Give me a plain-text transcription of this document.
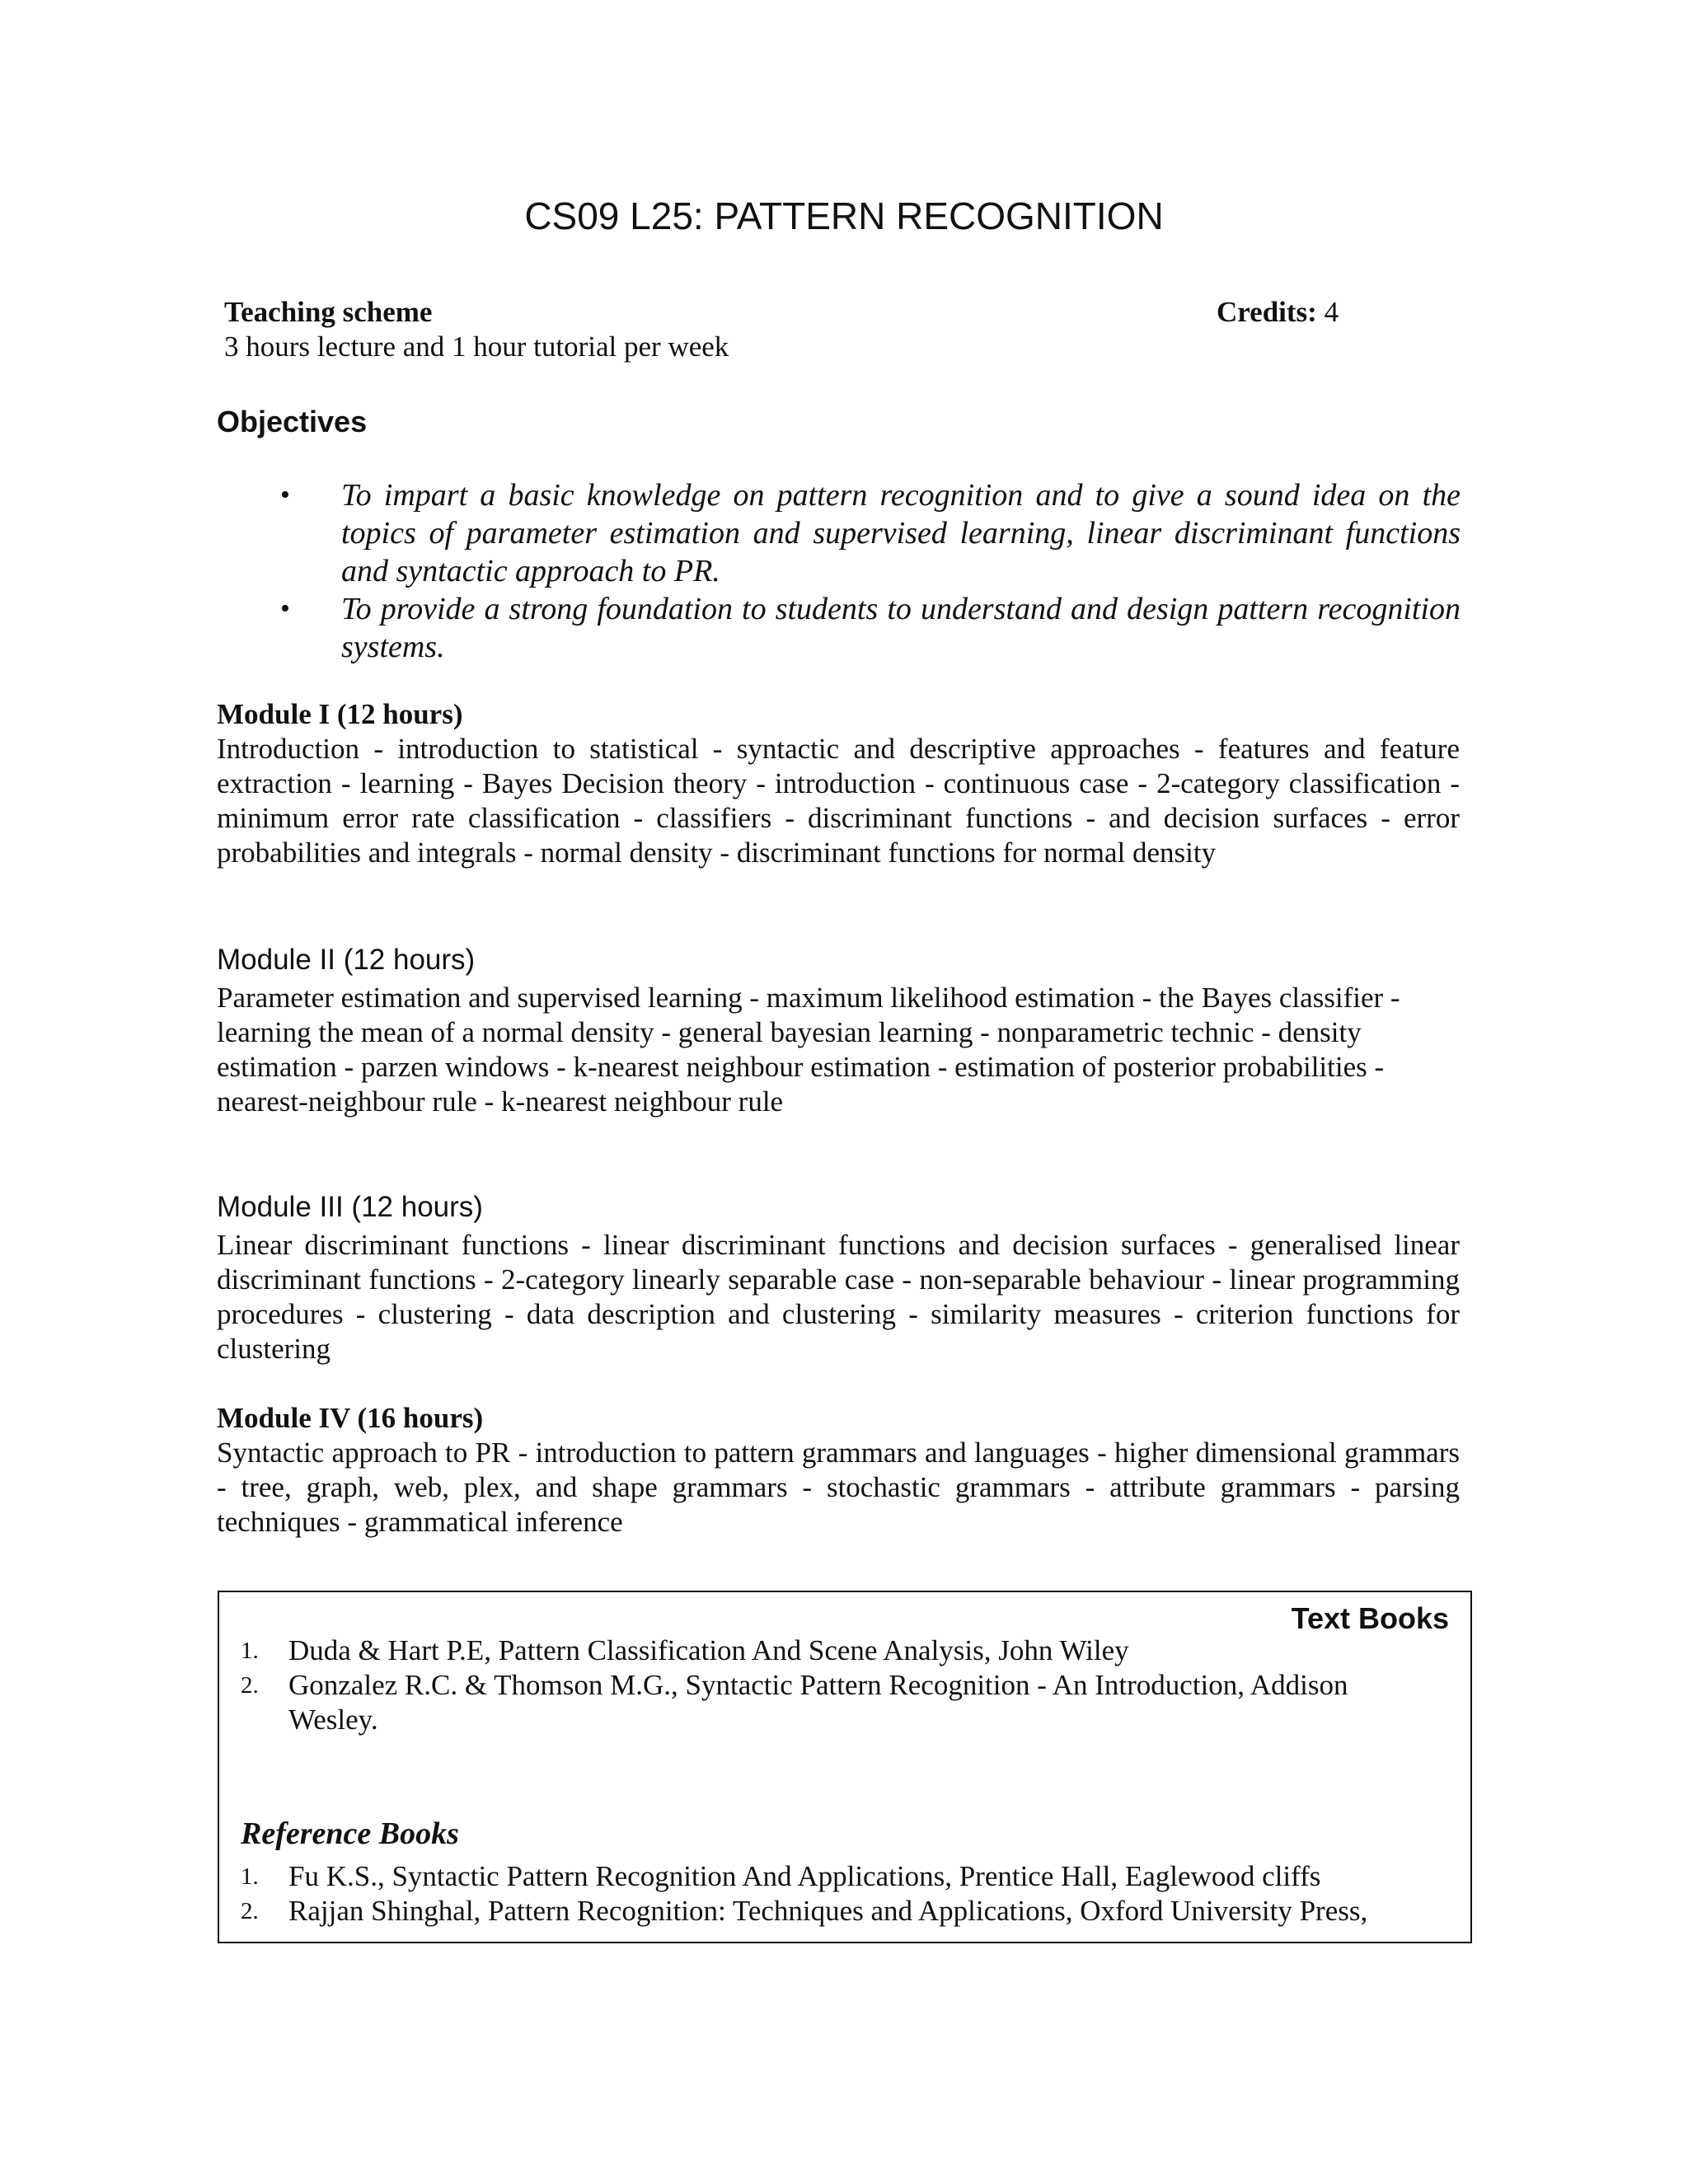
CS09 L25: PATTERN RECOGNITION
Teaching scheme	Credits: 4
3 hours lecture and 1 hour tutorial per week
Objectives
• To impart a basic knowledge on pattern recognition and to give a sound idea on the topics of parameter estimation and supervised learning, linear discriminant functions and syntactic approach to PR.
• To provide a strong foundation to students to understand and design pattern recognition systems.
Module I (12 hours)
Introduction - introduction to statistical - syntactic and descriptive approaches - features and feature extraction - learning - Bayes Decision theory - introduction - continuous case - 2-category classification - minimum error rate classification - classifiers - discriminant functions - and decision surfaces - error probabilities and integrals - normal density - discriminant functions for normal density
Module II (12 hours)
Parameter estimation and supervised learning - maximum likelihood estimation - the Bayes classifier - learning the mean of a normal density - general bayesian learning - nonparametric technic - density estimation - parzen windows - k-nearest neighbour estimation - estimation of posterior probabilities - nearest-neighbour rule - k-nearest neighbour rule
Module III (12 hours)
Linear discriminant functions - linear discriminant functions and decision surfaces - generalised linear discriminant functions - 2-category linearly separable case - non-separable behaviour - linear programming procedures - clustering - data description and clustering - similarity measures - criterion functions for clustering
Module IV (16 hours)
Syntactic approach to PR - introduction to pattern grammars and languages - higher dimensional grammars - tree, graph, web, plex, and shape grammars - stochastic grammars - attribute grammars - parsing techniques - grammatical inference
Text Books
1. Duda & Hart P.E, Pattern Classification And Scene Analysis, John Wiley
2. Gonzalez R.C. & Thomson M.G., Syntactic Pattern Recognition - An Introduction, Addison Wesley.
Reference Books
1. Fu K.S., Syntactic Pattern Recognition And Applications, Prentice Hall, Eaglewood cliffs
2. Rajjan Shinghal, Pattern Recognition: Techniques and Applications, Oxford University Press,
